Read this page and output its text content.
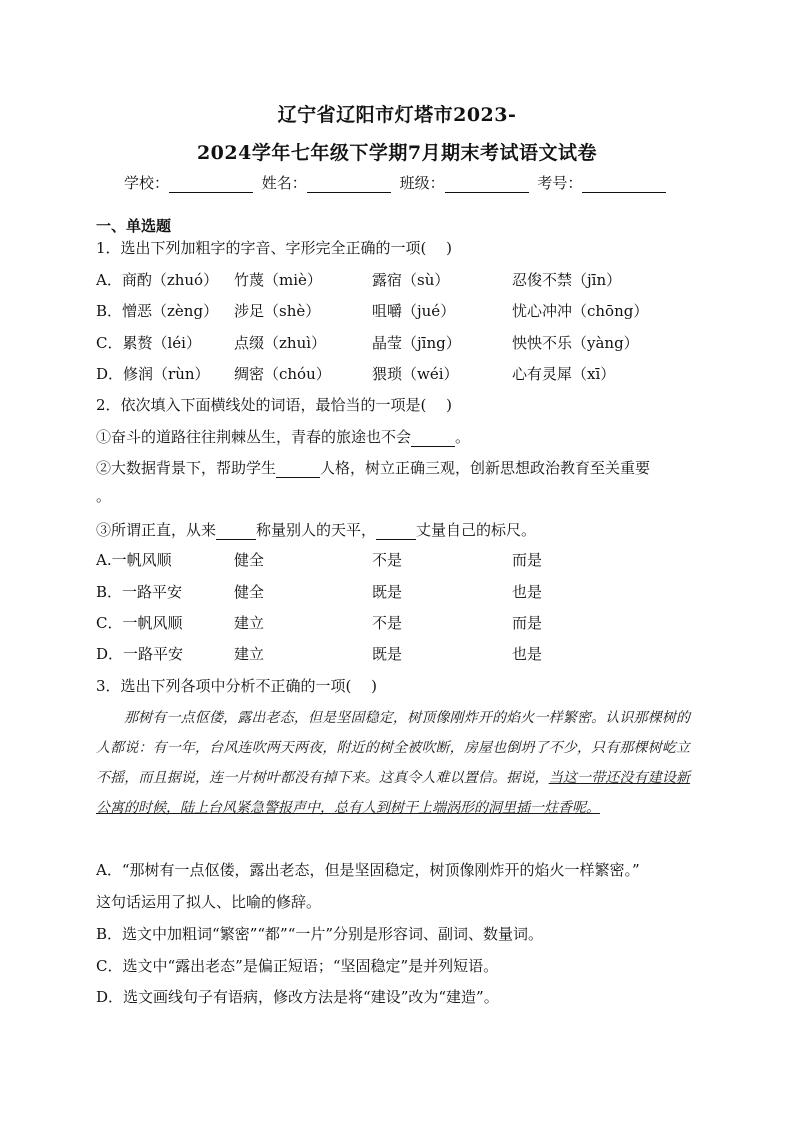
辽宁省辽阳市灯塔市2023-
2024学年七年级下学期7月期末考试语文试卷
学校：	姓名：	班级：	考号：
一、单选题
1．选出下列加粗字的字音、字形完全正确的一项(　 )
A．商酌（zhuó） 竹蔑（miè）	露宿（sù）	忍俊不禁（jīn）
B．憎恶（zèng） 涉足（shè）	咀嚼（jué）	忧心冲冲（chōng）
C．累赘（léi） 点缀（zhuì）	晶莹（jīng）	怏怏不乐（yàng）
D．修润（rùn） 绸密（chóu）	猥琐（wéi）	心有灵犀（xī）
2．依次填入下面横线处的词语，最恰当的一项是(　 )
①奋斗的道路往往荆棘丛生，青春的旅途也不会	。
②大数据背景下，帮助学生	人格，树立正确三观，创新思想政治教育至关重要
。
③所谓正直，从来	称量别人的天平，	丈量自己的标尺。
A.一帆风顺	健全	不是	而是
B．一路平安	健全	既是	也是
C．一帆风顺	建立	不是	而是
D．一路平安	建立	既是	也是
3．选出下列各项中分析不正确的一项(　 )
那树有一点伛偻，露出老态，但是坚固稳定，树顶像刚炸开的焰火一样繁密。认识那棵树的人都说：有一年，台风连吹两天两夜，附近的树全被吹断，房屋也倒坍了不少，只有那棵树屹立不摇，而且据说，连一片树叶都没有掉下来。这真令人难以置信。据说，当这一带还没有建设新公寓的时候，陆上台风紧急警报声中，总有人到树干上端涡形的洞里插一炷香呢。
A．“那树有一点伛偻，露出老态，但是坚固稳定，树顶像刚炸开的焰火一样繁密。”
这句话运用了拟人、比喻的修辞。
B．选文中加粗词“繁密”“都”“一片”分别是形容词、副词、数量词。
C．选文中“露出老态”是偏正短语；“坚固稳定”是并列短语。
D．选文画线句子有语病，修改方法是将“建设”改为“建造”。
